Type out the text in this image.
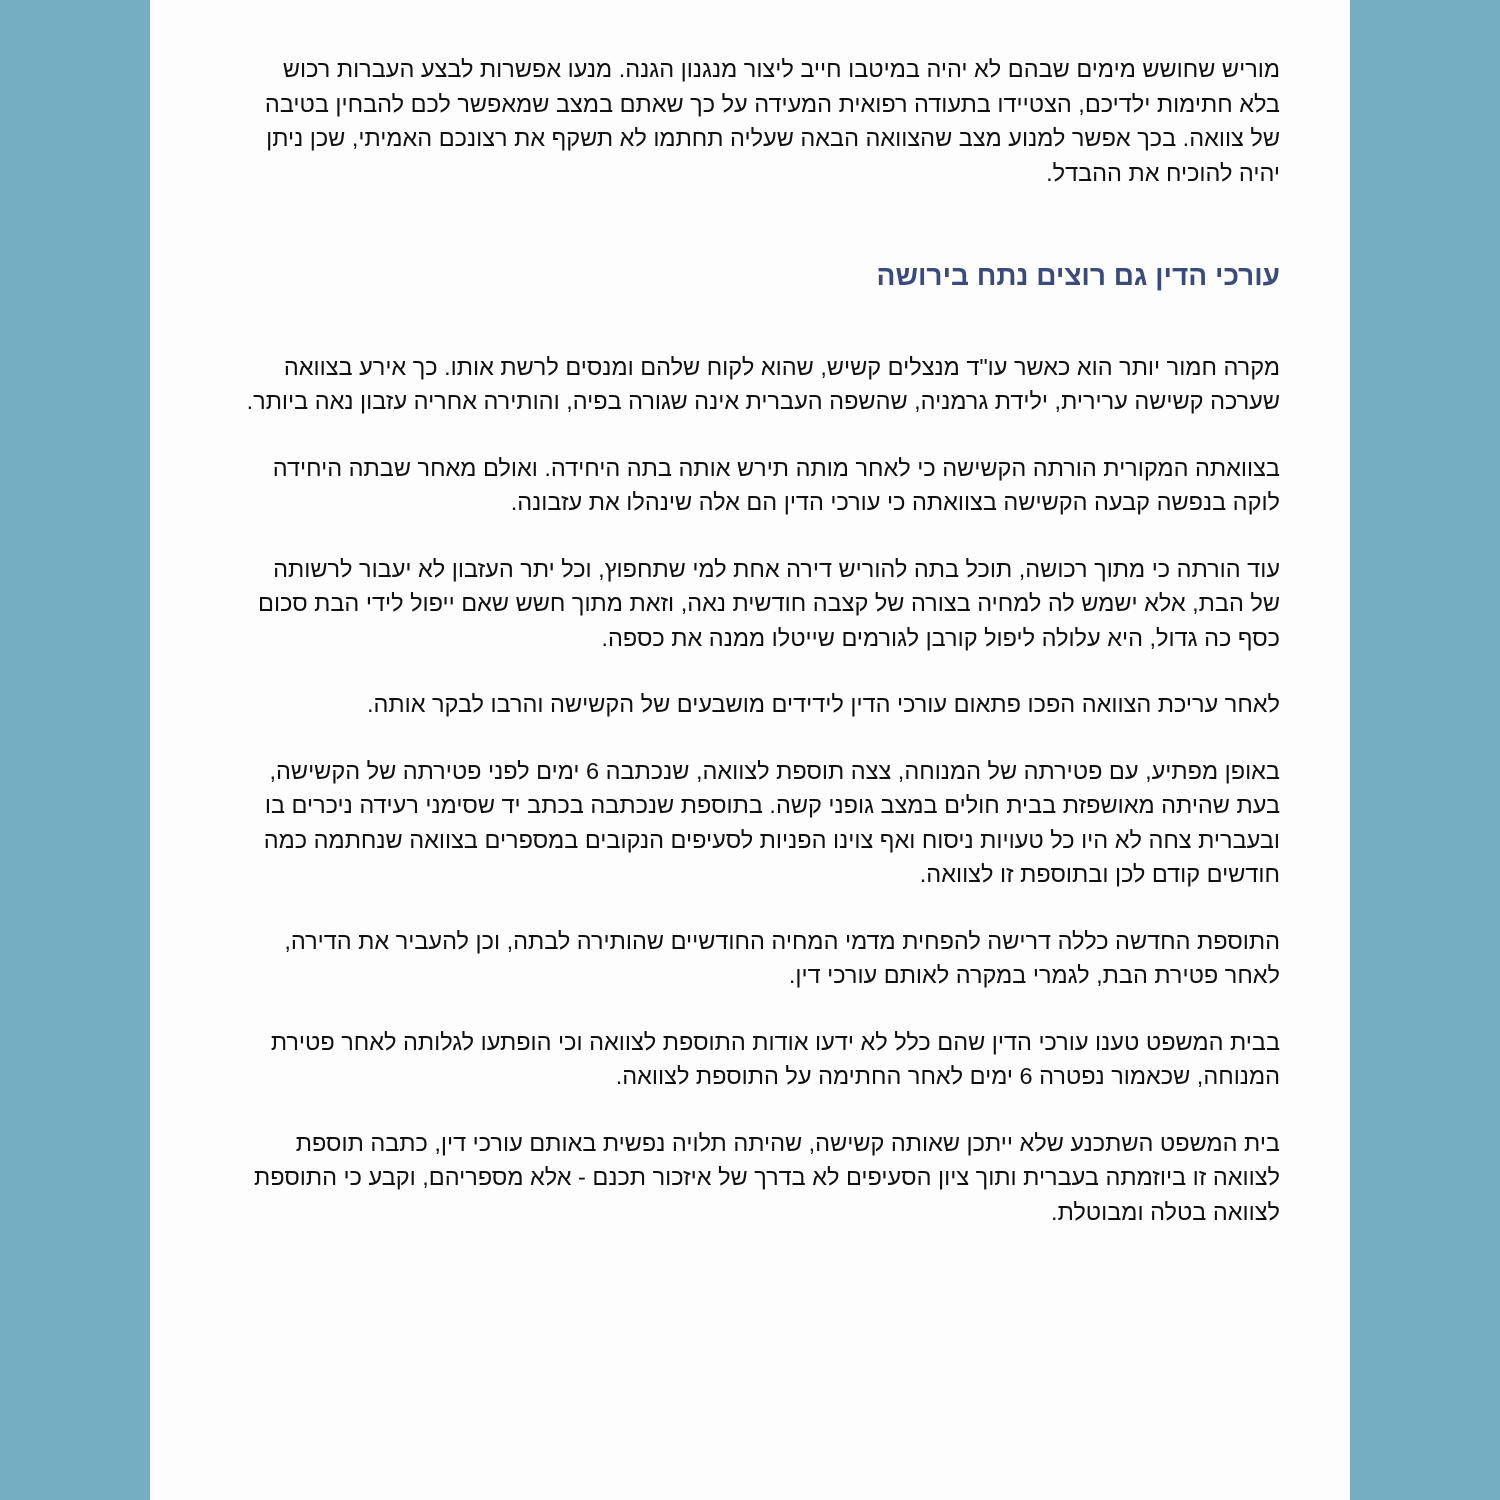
מוריש שחושש מימים שבהם לא יהיה במיטבו חייב ליצור מנגנון הגנה. מנעו אפשרות לבצע העברות רכוש בלא חתימות ילדיכם, הצטיידו בתעודה רפואית המעידה על כך שאתם במצב שמאפשר לכם להבחין בטיבה של צוואה. בכך אפשר למנוע מצב שהצוואה הבאה שעליה תחתמו לא תשקף את רצונכם האמיתי, שכן ניתן יהיה להוכיח את ההבדל.

עורכי הדין גם רוצים נתח בירושה

מקרה חמור יותר הוא כאשר עו"ד מנצלים קשיש, שהוא לקוח שלהם ומנסים לרשת אותו. כך אירע בצוואה שערכה קשישה ערירית, ילידת גרמניה, שהשפה העברית אינה שגורה בפיה, והותירה אחריה עזבון נאה ביותר.

בצוואתה המקורית הורתה הקשישה כי לאחר מותה תירש אותה בתה היחידה. ואולם מאחר שבתה היחידה לוקה בנפשה קבעה הקשישה בצוואתה כי עורכי הדין הם אלה שינהלו את עזבונה.

עוד הורתה כי מתוך רכושה, תוכל בתה להוריש דירה אחת למי שתחפוץ, וכל יתר העזבון לא יעבור לרשותה של הבת, אלא ישמש לה למחיה בצורה של קצבה חודשית נאה, וזאת מתוך חשש שאם ייפול לידי הבת סכום כסף כה גדול, היא עלולה ליפול קורבן לגורמים שייטלו ממנה את כספה.

לאחר עריכת הצוואה הפכו פתאום עורכי הדין לידידים מושבעים של הקשישה והרבו לבקר אותה.

באופן מפתיע, עם פטירתה של המנוחה, צצה תוספת לצוואה, שנכתבה 6 ימים לפני פטירתה של הקשישה, בעת שהיתה מאושפזת בבית חולים במצב גופני קשה. בתוספת שנכתבה בכתב יד שסימני רעידה ניכרים בו ובעברית צחה לא היו כל טעויות ניסוח ואף צוינו הפניות לסעיפים הנקובים במספרים בצוואה שנחתמה כמה חודשים קודם לכן ובתוספת זו לצוואה.

התוספת החדשה כללה דרישה להפחית מדמי המחיה החודשיים שהותירה לבתה, וכן להעביר את הדירה, לאחר פטירת הבת, לגמרי במקרה לאותם עורכי דין.

בבית המשפט טענו עורכי הדין שהם כלל לא ידעו אודות התוספת לצוואה וכי הופתעו לגלותה לאחר פטירת המנוחה, שכאמור נפטרה 6 ימים לאחר החתימה על התוספת לצוואה.

בית המשפט השתכנע שלא ייתכן שאותה קשישה, שהיתה תלויה נפשית באותם עורכי דין, כתבה תוספת לצוואה זו ביוזמתה בעברית ותוך ציון הסעיפים לא בדרך של איזכור תכנם - אלא מספריהם, וקבע כי התוספת לצוואה בטלה ומבוטלת.
